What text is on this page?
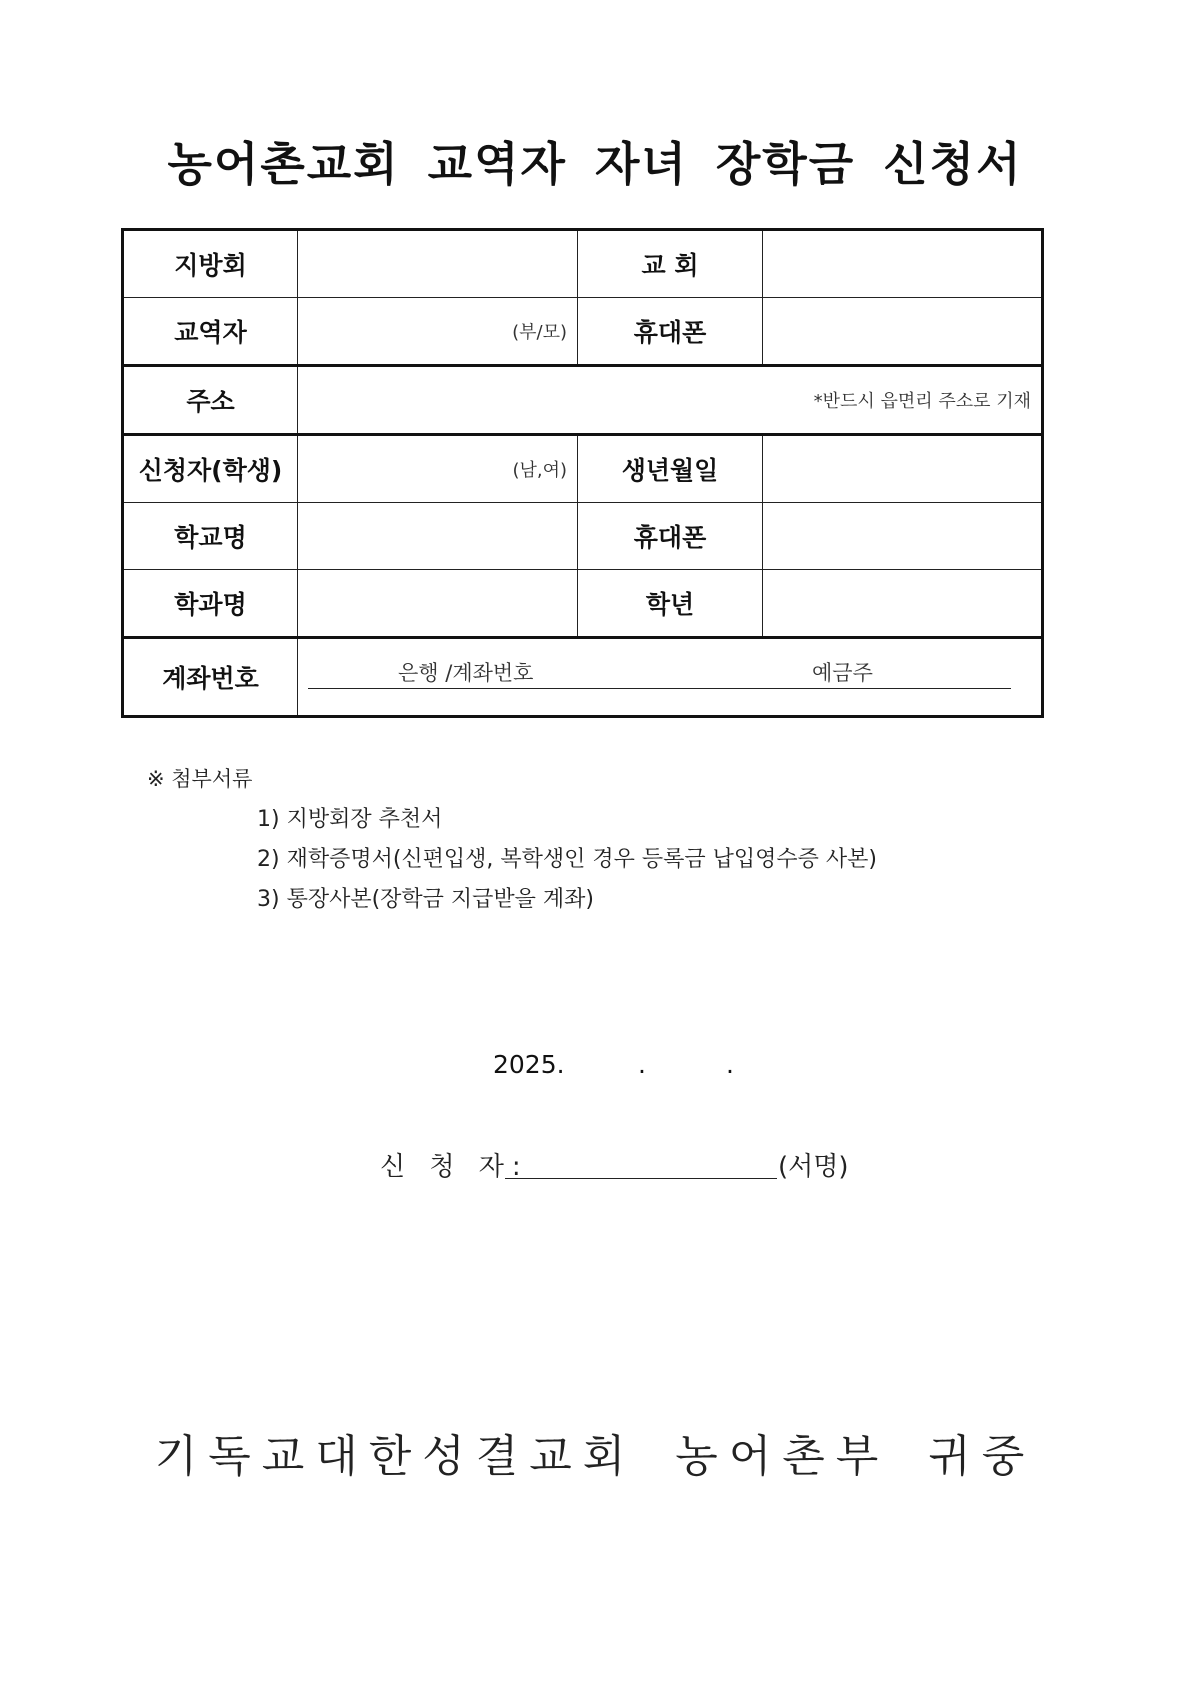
농어촌교회 교역자 자녀 장학금 신청서
지방회		교 회	
교역자	(부/모)	휴대폰	
주소	*반드시 읍면리 주소로 기재		

신청자(학생)	(남,여)	생년월일	
학교명		휴대폰	
학과명		학년	
계좌번호	은행 /계좌번호 예금주		
※ 첨부서류
1) 지방회장 추천서
2) 재학증명서(신편입생, 복학생인 경우 등록금 납입영수증 사본)
3) 통장사본(장학금 지급받을 계좌)
2025.	.	.
신 청 자:	(서명)
기독교대한성결교회 농어촌부 귀중
